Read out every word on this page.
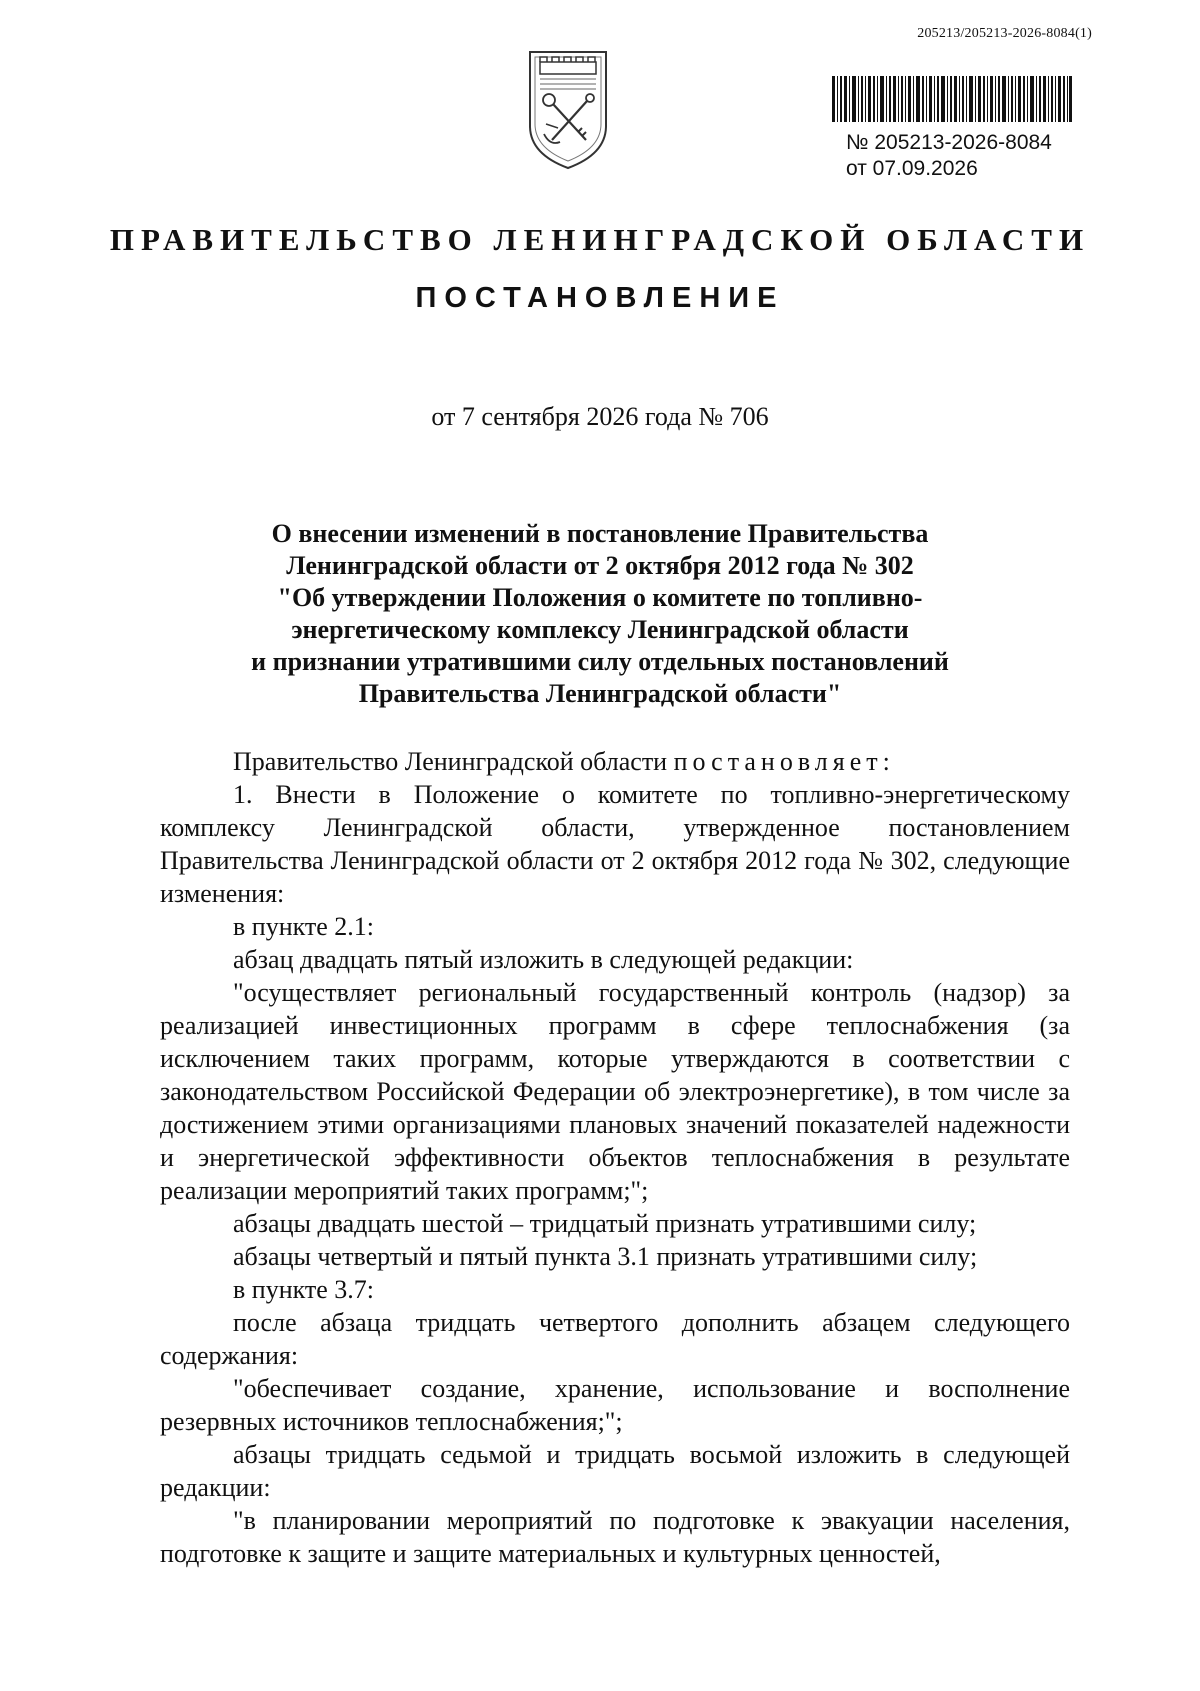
205213/205213-2026-8084(1)
№ 205213-2026-8084
от 07.09.2026
ПРАВИТЕЛЬСТВО ЛЕНИНГРАДСКОЙ ОБЛАСТИ
ПОСТАНОВЛЕНИЕ
от 7 сентября 2026 года № 706
О внесении изменений в постановление Правительства
Ленинградской области от 2 октября 2012 года № 302
"Об утверждении Положения о комитете по топливно-
энергетическому комплексу Ленинградской области
и признании утратившими силу отдельных постановлений
Правительства Ленинградской области"

Правительство Ленинградской области постановляет:

1. Внести в Положение о комитете по топливно-энергетическому комплексу Ленинградской области, утвержденное постановлением Правительства Ленинградской области от 2 октября 2012 года № 302, следующие изменения:

в пункте 2.1:

абзац двадцать пятый изложить в следующей редакции:

"осуществляет региональный государственный контроль (надзор) за реализацией инвестиционных программ в сфере теплоснабжения (за исключением таких программ, которые утверждаются в соответствии с законодательством Российской Федерации об электроэнергетике), в том числе за достижением этими организациями плановых значений показателей надежности и энергетической эффективности объектов теплоснабжения в результате реализации мероприятий таких программ;";

абзацы двадцать шестой – тридцатый признать утратившими силу;

абзацы четвертый и пятый пункта 3.1 признать утратившими силу;

в пункте 3.7:

после абзаца тридцать четвертого дополнить абзацем следующего содержания:

"обеспечивает создание, хранение, использование и восполнение резервных источников теплоснабжения;";

абзацы тридцать седьмой и тридцать восьмой изложить в следующей редакции:

"в планировании мероприятий по подготовке к эвакуации населения, подготовке к защите и защите материальных и культурных ценностей,
